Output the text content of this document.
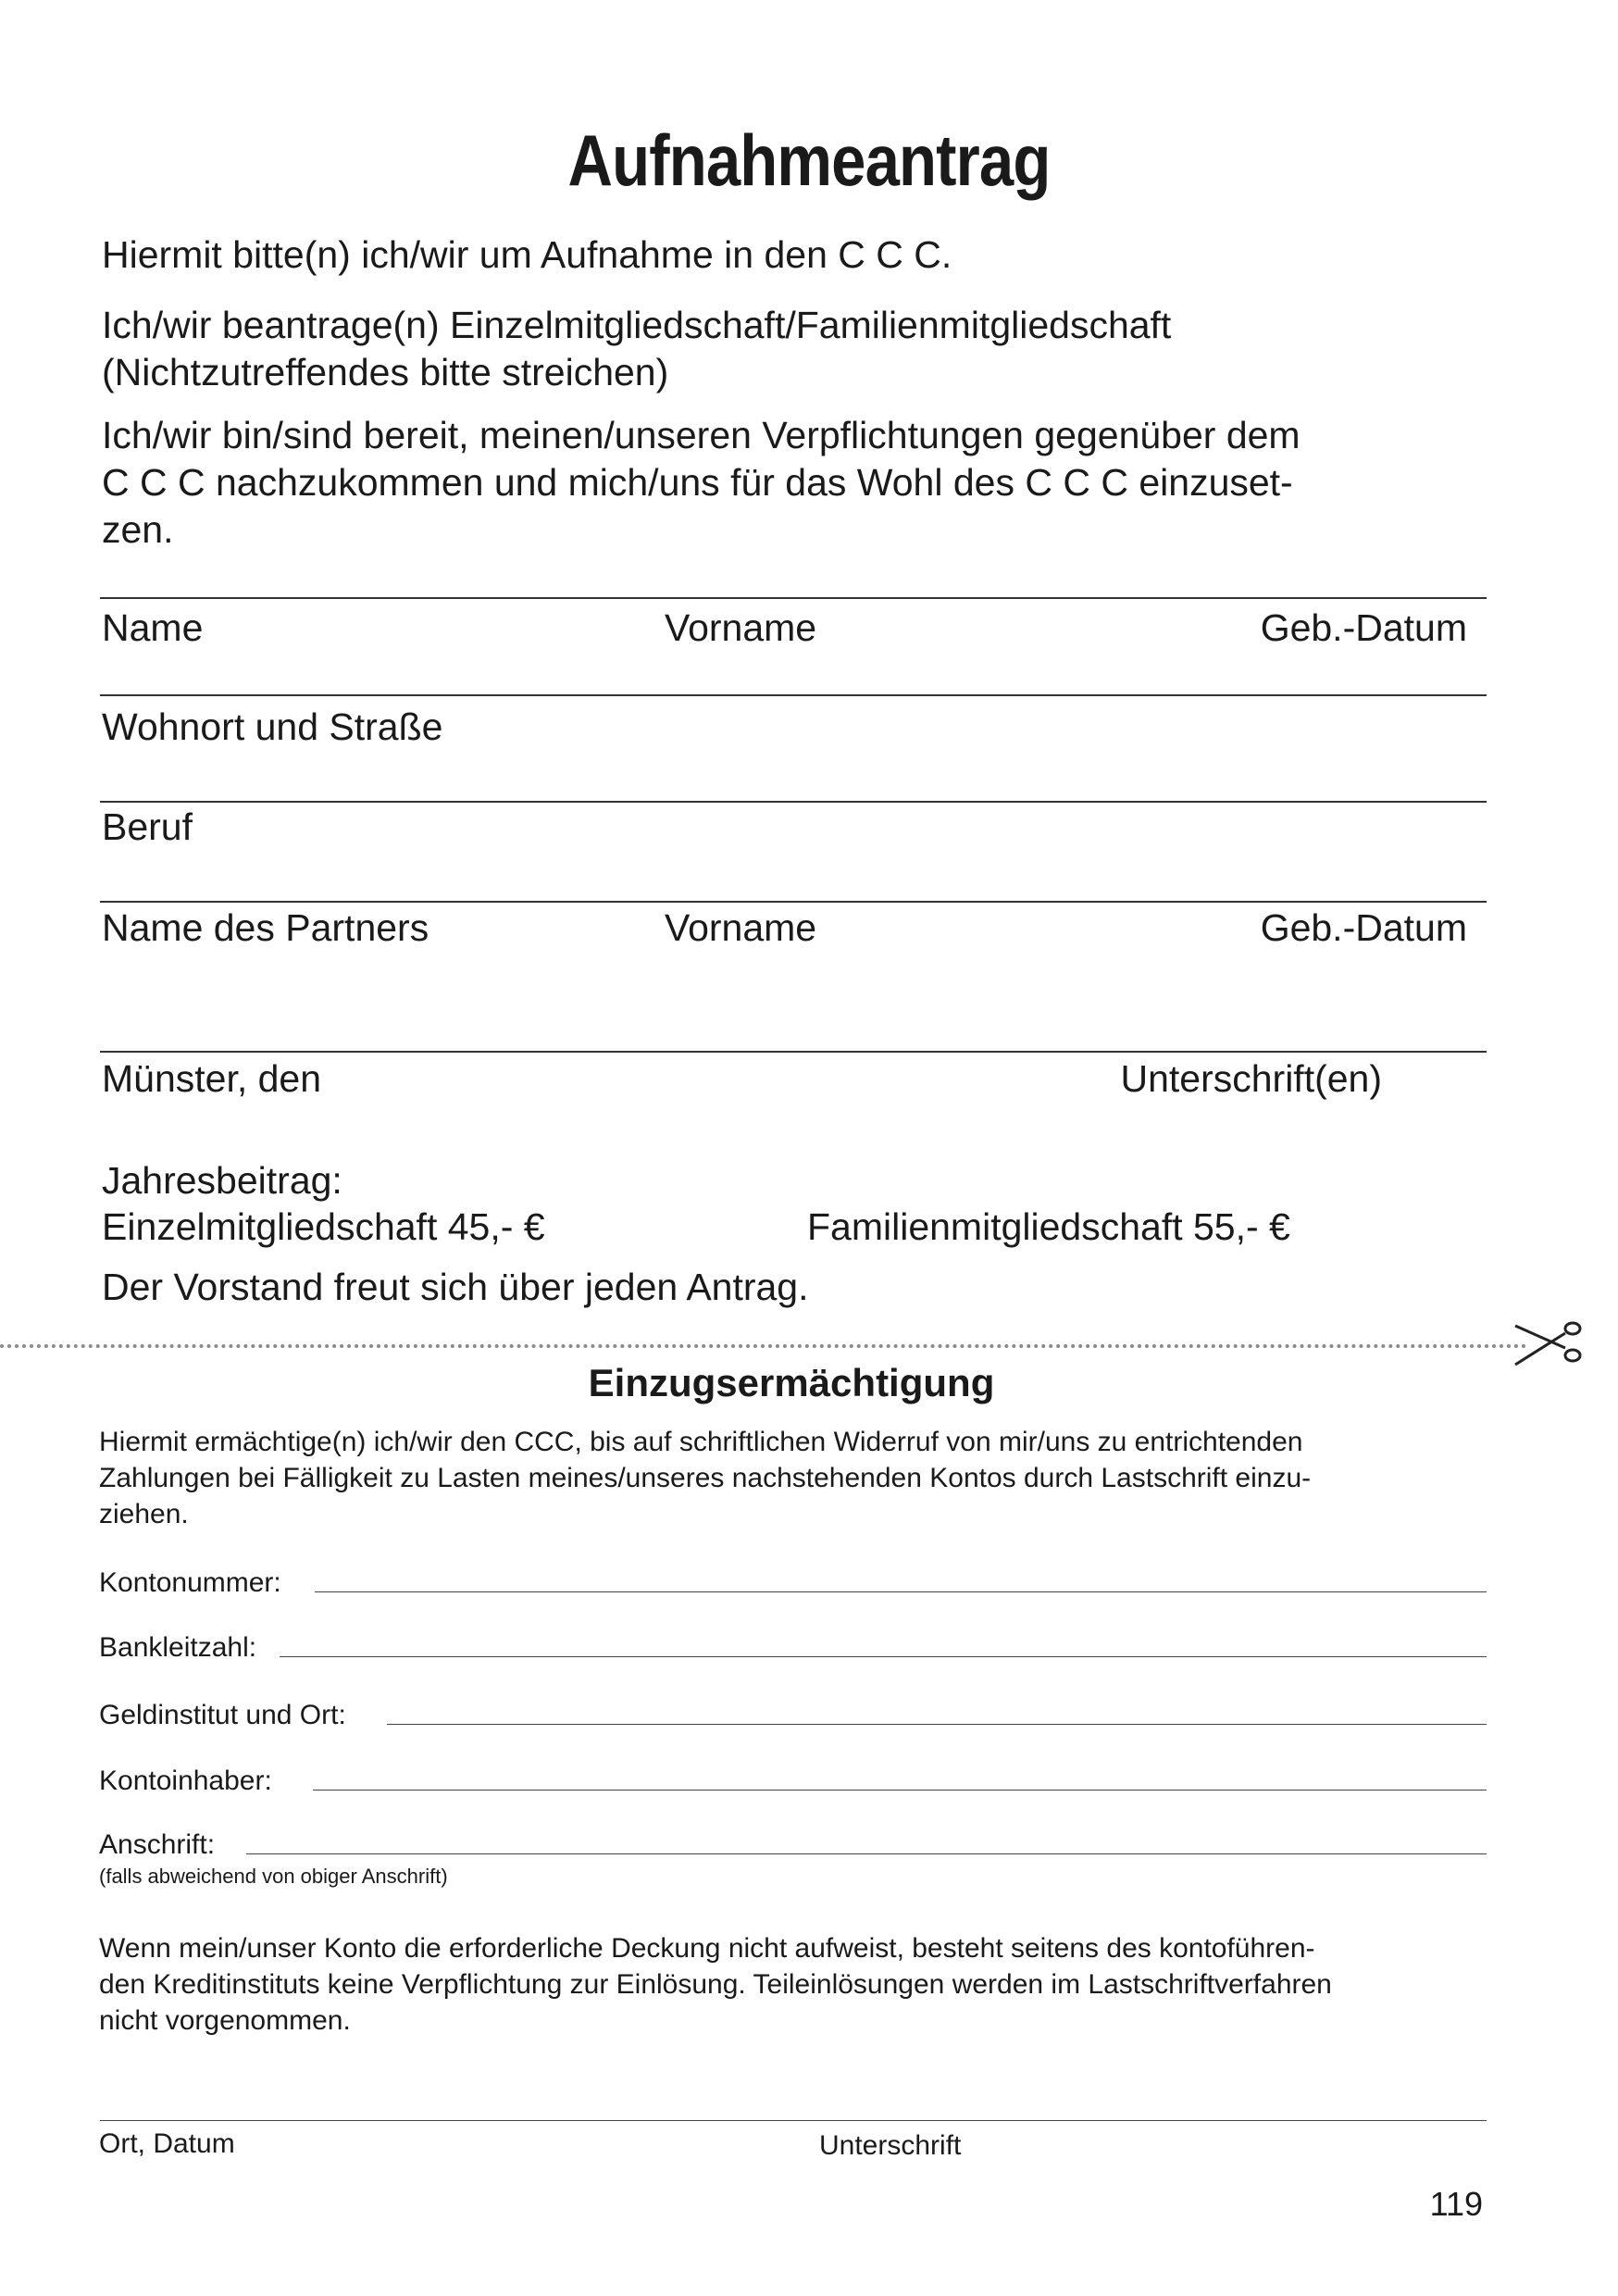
Aufnahmeantrag
Hiermit bitte(n) ich/wir um Aufnahme in den C C C.
Ich/wir beantrage(n) Einzelmitgliedschaft/Familienmitgliedschaft
(Nichtzutreffendes bitte streichen)
Ich/wir bin/sind bereit, meinen/unseren Verpflichtungen gegenüber dem
C C C nachzukommen und mich/uns für das Wohl des C C C einzuset-
zen.
Name	Vorname	Geb.-Datum
Wohnort und Straße
Beruf
Name des Partners	Vorname	Geb.-Datum
Münster, den	Unterschrift(en)
Jahresbeitrag:
Einzelmitgliedschaft 45,- €	Familienmitgliedschaft 55,- €
Der Vorstand freut sich über jeden Antrag.
Einzugsermächtigung
Hiermit ermächtige(n) ich/wir den CCC, bis auf schriftlichen Widerruf von mir/uns zu entrichtenden
Zahlungen bei Fälligkeit zu Lasten meines/unseres nachstehenden Kontos durch Lastschrift einzu-
ziehen.
Kontonummer:
Bankleitzahl:
Geldinstitut und Ort:
Kontoinhaber:
Anschrift:
(falls abweichend von obiger Anschrift)
Wenn mein/unser Konto die erforderliche Deckung nicht aufweist, besteht seitens des kontoführen-
den Kreditinstituts keine Verpflichtung zur Einlösung. Teileinlösungen werden im Lastschriftverfahren
nicht vorgenommen.
Ort, Datum	Unterschrift
119
